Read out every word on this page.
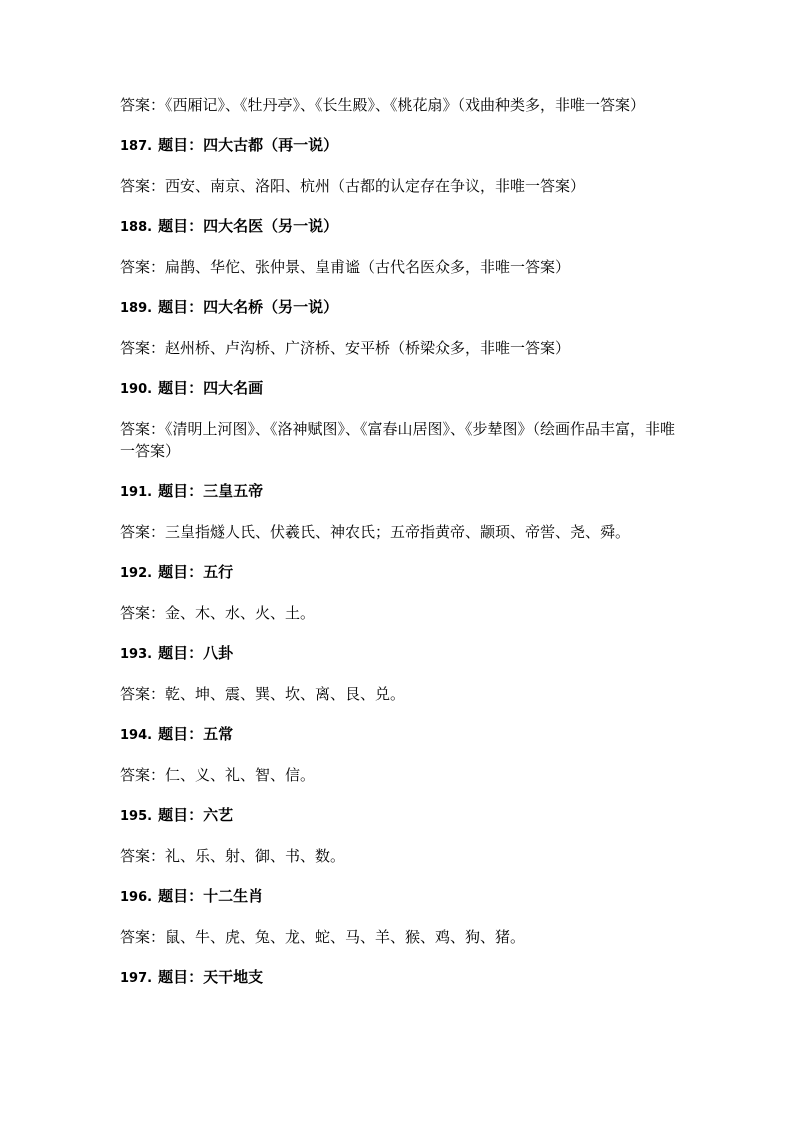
答案：《西厢记》、《牡丹亭》、《长生殿》、《桃花扇》（戏曲种类多，非唯一答案）

187. 题目：四大古都（再一说）

答案：西安、南京、洛阳、杭州（古都的认定存在争议，非唯一答案）

188. 题目：四大名医（另一说）

答案：扁鹊、华佗、张仲景、皇甫谧（古代名医众多，非唯一答案）

189. 题目：四大名桥（另一说）

答案：赵州桥、卢沟桥、广济桥、安平桥（桥梁众多，非唯一答案）

190. 题目：四大名画

答案：《清明上河图》、《洛神赋图》、《富春山居图》、《步辇图》（绘画作品丰富，非唯一答案）

191. 题目：三皇五帝

答案：三皇指燧人氏、伏羲氏、神农氏；五帝指黄帝、颛顼、帝喾、尧、舜。

192. 题目：五行

答案：金、木、水、火、土。

193. 题目：八卦

答案：乾、坤、震、巽、坎、离、艮、兑。

194. 题目：五常

答案：仁、义、礼、智、信。

195. 题目：六艺

答案：礼、乐、射、御、书、数。

196. 题目：十二生肖

答案：鼠、牛、虎、兔、龙、蛇、马、羊、猴、鸡、狗、猪。

197. 题目：天干地支
